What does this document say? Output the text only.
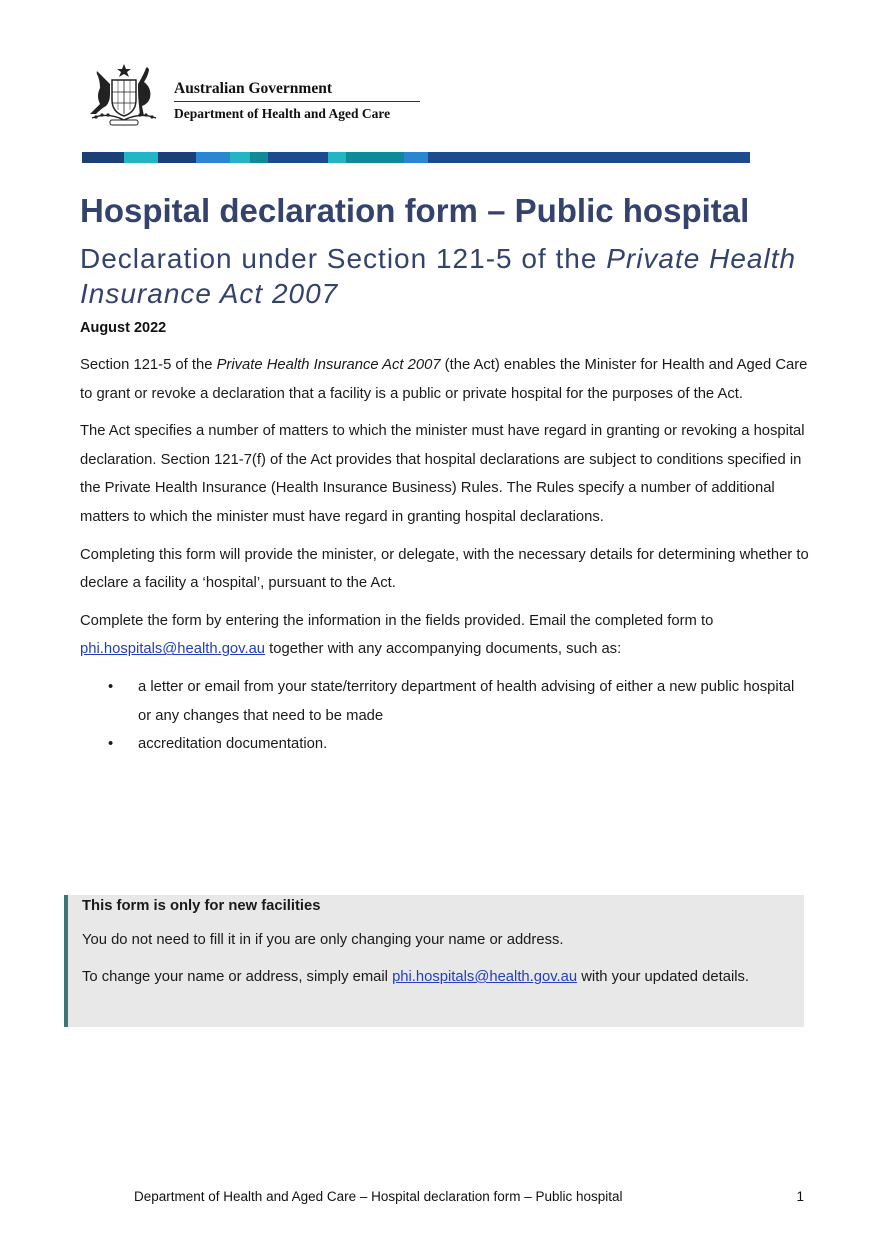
Australian Government
Department of Health and Aged Care
Hospital declaration form – Public hospital
Declaration under Section 121-5 of the Private Health Insurance Act 2007
August 2022

Section 121-5 of the Private Health Insurance Act 2007 (the Act) enables the Minister for Health and Aged Care to grant or revoke a declaration that a facility is a public or private hospital for the purposes of the Act.

The Act specifies a number of matters to which the minister must have regard in granting or revoking a hospital declaration. Section 121-7(f) of the Act provides that hospital declarations are subject to conditions specified in the Private Health Insurance (Health Insurance Business) Rules. The Rules specify a number of additional matters to which the minister must have regard in granting hospital declarations.

Completing this form will provide the minister, or delegate, with the necessary details for determining whether to declare a facility a ‘hospital’, pursuant to the Act.

Complete the form by entering the information in the fields provided. Email the completed form to phi.hospitals@health.gov.au together with any accompanying documents, such as:

• a letter or email from your state/territory department of health advising of either a new public hospital or any changes that need to be made
• accreditation documentation.
This form is only for new facilities

You do not need to fill it in if you are only changing your name or address.

To change your name or address, simply email phi.hospitals@health.gov.au with your updated details.

Department of Health and Aged Care – Hospital declaration form – Public hospital	1
